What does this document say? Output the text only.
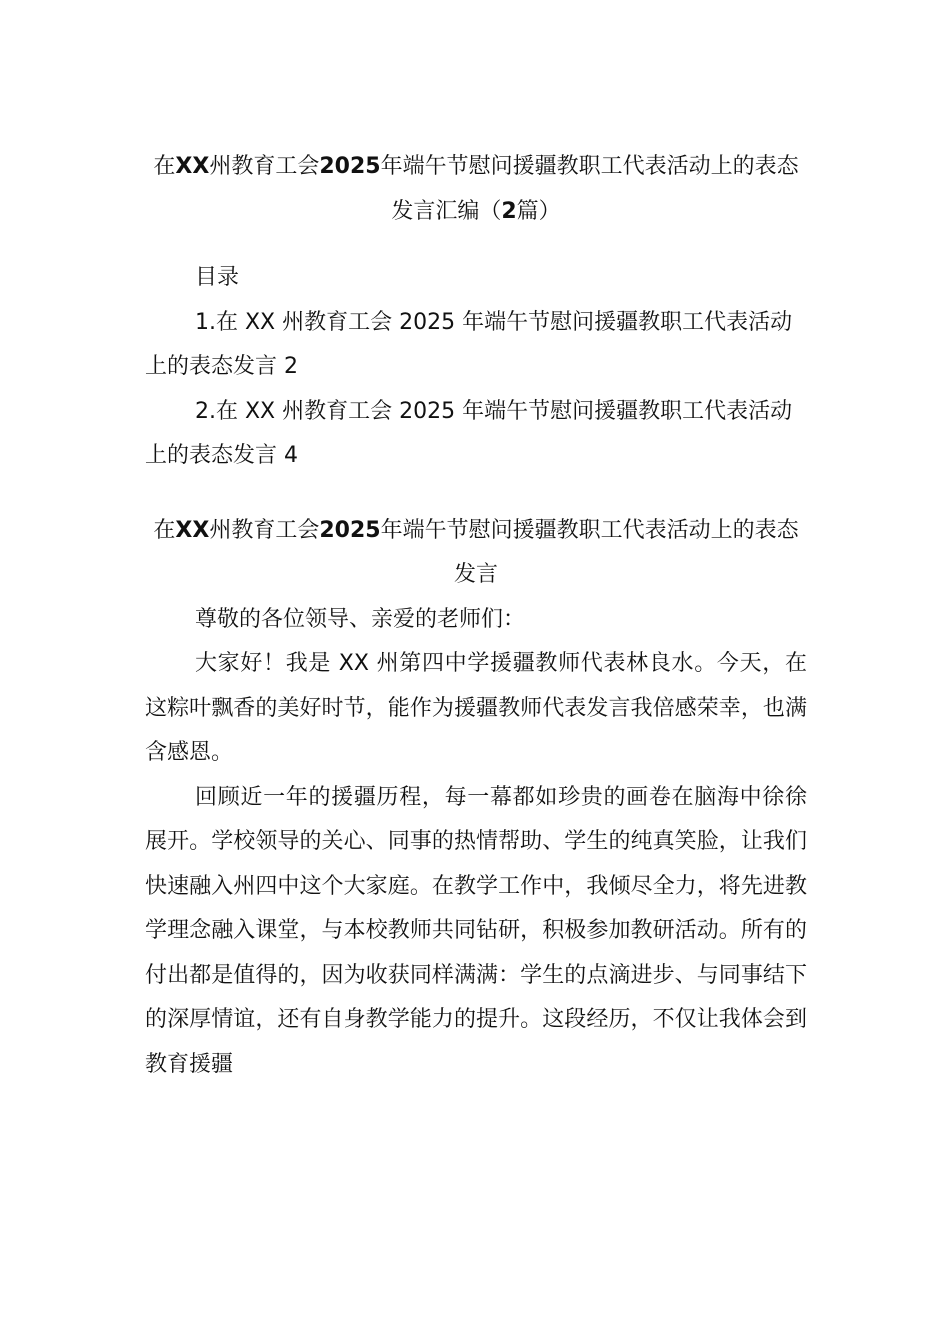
在XX州教育工会2025年端午节慰问援疆教职工代表活动上的表态发言汇编（2篇）

目录

1.在 XX 州教育工会 2025 年端午节慰问援疆教职工代表活动上的表态发言 2

2.在 XX 州教育工会 2025 年端午节慰问援疆教职工代表活动上的表态发言 4

在XX州教育工会2025年端午节慰问援疆教职工代表活动上的表态发言

尊敬的各位领导、亲爱的老师们：

大家好！我是 XX 州第四中学援疆教师代表林良水。今天，在这粽叶飘香的美好时节，能作为援疆教师代表发言我倍感荣幸，也满含感恩。

回顾近一年的援疆历程，每一幕都如珍贵的画卷在脑海中徐徐展开。学校领导的关心、同事的热情帮助、学生的纯真笑脸，让我们快速融入州四中这个大家庭。在教学工作中，我倾尽全力，将先进教学理念融入课堂，与本校教师共同钻研，积极参加教研活动。所有的付出都是值得的，因为收获同样满满：学生的点滴进步、与同事结下的深厚情谊，还有自身教学能力的提升。这段经历，不仅让我体会到教育援疆
